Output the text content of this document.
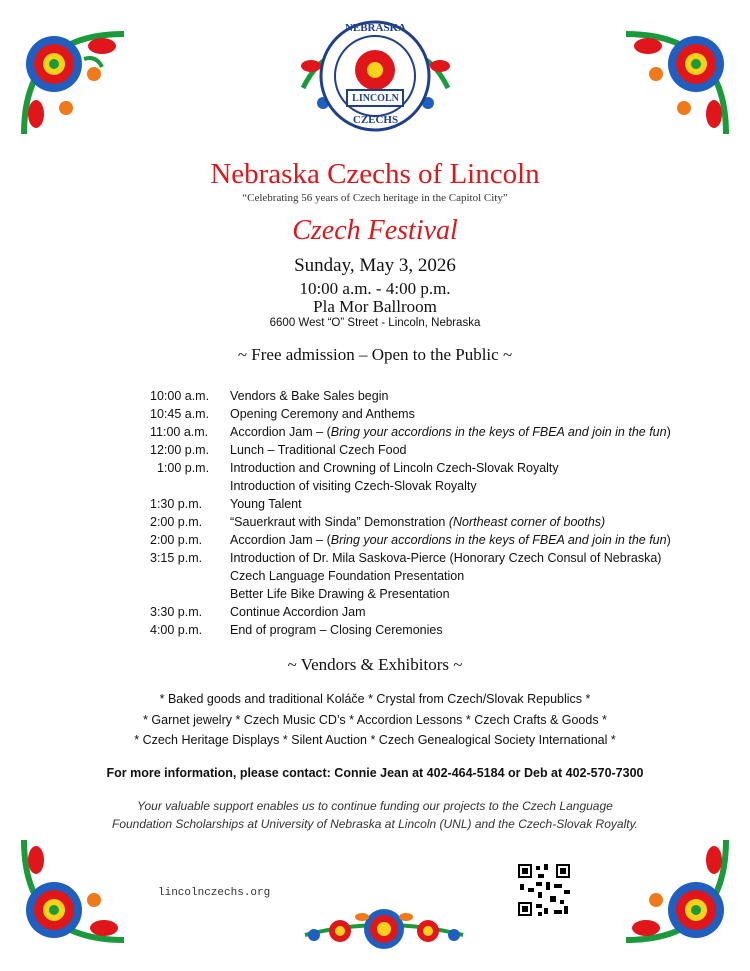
NEBRASKA
LINCOLN
CZECHS
Nebraska Czechs of Lincoln
“Celebrating 56 years of Czech heritage in the Capitol City”
Czech Festival
Sunday, May 3, 2026
10:00 a.m. - 4:00 p.m.
Pla Mor Ballroom
6600 West “O” Street - Lincoln, Nebraska
~ Free admission – Open to the Public ~
10:00 a.m. Vendors & Bake Sales begin
10:45 a.m. Opening Ceremony and Anthems
11:00 a.m. Accordion Jam – (Bring your accordions in the keys of FBEA and join in the fun)
12:00 p.m. Lunch – Traditional Czech Food
1:00 p.m. Introduction and Crowning of Lincoln Czech-Slovak Royalty
Introduction of visiting Czech-Slovak Royalty
1:30 p.m. Young Talent
2:00 p.m. “Sauerkraut with Sinda” Demonstration (Northeast corner of booths)
2:00 p.m. Accordion Jam – (Bring your accordions in the keys of FBEA and join in the fun)
3:15 p.m. Introduction of Dr. Mila Saskova-Pierce (Honorary Czech Consul of Nebraska)
Czech Language Foundation Presentation
Better Life Bike Drawing & Presentation
3:30 p.m. Continue Accordion Jam
4:00 p.m. End of program – Closing Ceremonies
~ Vendors & Exhibitors ~
* Baked goods and traditional Koláče * Crystal from Czech/Slovak Republics *
* Garnet jewelry * Czech Music CD’s * Accordion Lessons * Czech Crafts & Goods *
* Czech Heritage Displays * Silent Auction * Czech Genealogical Society International *
For more information, please contact: Connie Jean at 402-464-5184 or Deb at 402-570-7300
Your valuable support enables us to continue funding our projects to the Czech Language
Foundation Scholarships at University of Nebraska at Lincoln (UNL) and the Czech-Slovak Royalty.
lincolnczechs.org
